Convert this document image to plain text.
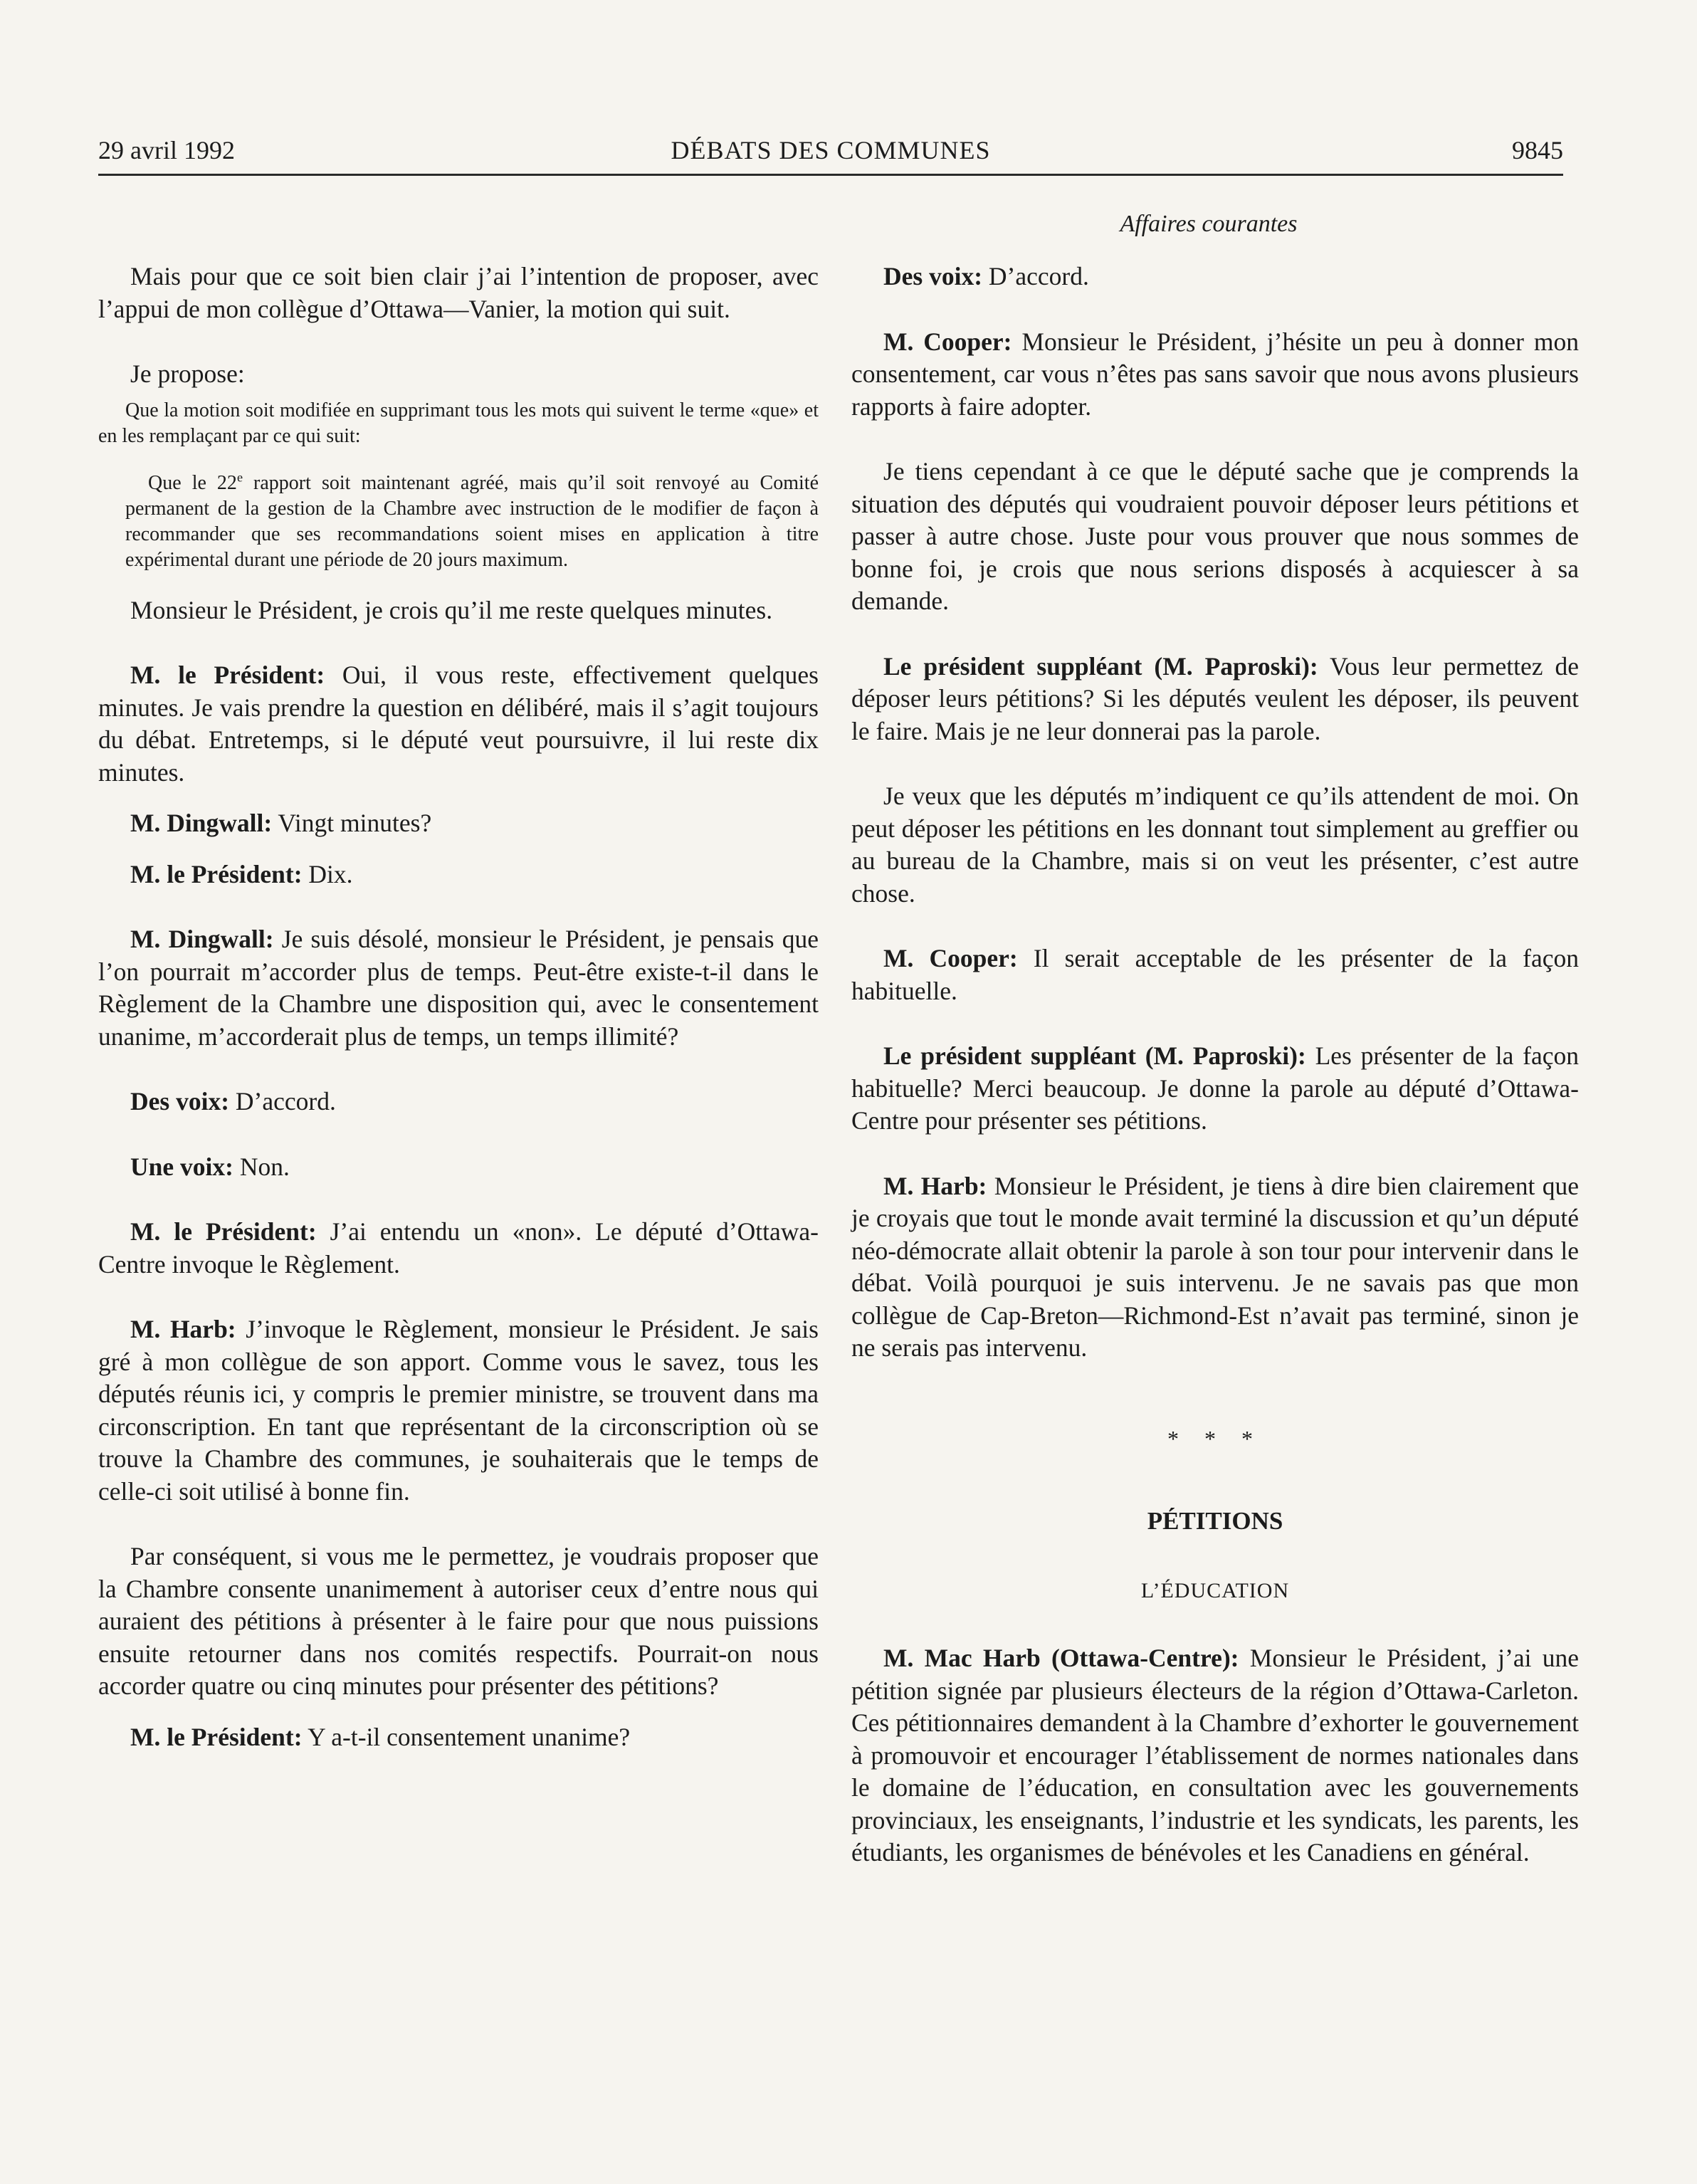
DÉBATS DES COMMUNES
29 avril 1992	9845
Affaires courantes

Mais pour que ce soit bien clair j’ai l’intention de proposer, avec l’appui de mon collègue d’Ottawa—Vanier, la motion qui suit.

Je propose:

Que la motion soit modifiée en supprimant tous les mots qui suivent le terme «que» et en les remplaçant par ce qui suit:

Que le 22e rapport soit maintenant agréé, mais qu’il soit renvoyé au Comité permanent de la gestion de la Chambre avec instruction de le modifier de façon à recommander que ses recommandations soient mises en application à titre expérimental durant une période de 20 jours maximum.

Monsieur le Président, je crois qu’il me reste quelques minutes.

M. le Président: Oui, il vous reste, effectivement quelques minutes. Je vais prendre la question en délibéré, mais il s’agit toujours du débat. Entretemps, si le député veut poursuivre, il lui reste dix minutes.

M. Dingwall: Vingt minutes?

M. le Président: Dix.

M. Dingwall: Je suis désolé, monsieur le Président, je pensais que l’on pourrait m’accorder plus de temps. Peut-être existe-t-il dans le Règlement de la Chambre une disposition qui, avec le consentement unanime, m’accorderait plus de temps, un temps illimité?

Des voix: D’accord.

Une voix: Non.

M. le Président: J’ai entendu un «non». Le député d’Ottawa-Centre invoque le Règlement.

M. Harb: J’invoque le Règlement, monsieur le Président. Je sais gré à mon collègue de son apport. Comme vous le savez, tous les députés réunis ici, y compris le premier ministre, se trouvent dans ma circonscription. En tant que représentant de la circonscription où se trouve la Chambre des communes, je souhaiterais que le temps de celle-ci soit utilisé à bonne fin.

Par conséquent, si vous me le permettez, je voudrais proposer que la Chambre consente unanimement à autoriser ceux d’entre nous qui auraient des pétitions à présenter à le faire pour que nous puissions ensuite retourner dans nos comités respectifs. Pourrait-on nous accorder quatre ou cinq minutes pour présenter des pétitions?

M. le Président: Y a-t-il consentement unanime?

Des voix: D’accord.

M. Cooper: Monsieur le Président, j’hésite un peu à donner mon consentement, car vous n’êtes pas sans savoir que nous avons plusieurs rapports à faire adopter.

Je tiens cependant à ce que le député sache que je comprends la situation des députés qui voudraient pouvoir déposer leurs pétitions et passer à autre chose. Juste pour vous prouver que nous sommes de bonne foi, je crois que nous serions disposés à acquiescer à sa demande.

Le président suppléant (M. Paproski): Vous leur permettez de déposer leurs pétitions? Si les députés veulent les déposer, ils peuvent le faire. Mais je ne leur donnerai pas la parole.

Je veux que les députés m’indiquent ce qu’ils attendent de moi. On peut déposer les pétitions en les donnant tout simplement au greffier ou au bureau de la Chambre, mais si on veut les présenter, c’est autre chose.

M. Cooper: Il serait acceptable de les présenter de la façon habituelle.

Le président suppléant (M. Paproski): Les présenter de la façon habituelle? Merci beaucoup. Je donne la parole au député d’Ottawa-Centre pour présenter ses pétitions.

M. Harb: Monsieur le Président, je tiens à dire bien clairement que je croyais que tout le monde avait terminé la discussion et qu’un député néo-démocrate allait obtenir la parole à son tour pour intervenir dans le débat. Voilà pourquoi je suis intervenu. Je ne savais pas que mon collègue de Cap-Breton—Richmond-Est n’avait pas terminé, sinon je ne serais pas intervenu.

* * *

PÉTITIONS

L’ÉDUCATION

M. Mac Harb (Ottawa-Centre): Monsieur le Président, j’ai une pétition signée par plusieurs électeurs de la région d’Ottawa-Carleton. Ces pétitionnaires demandent à la Chambre d’exhorter le gouvernement à promouvoir et encourager l’établissement de normes nationales dans le domaine de l’éducation, en consultation avec les gouvernements provinciaux, les enseignants, l’industrie et les syndicats, les parents, les étudiants, les organismes de bénévoles et les Canadiens en général.
